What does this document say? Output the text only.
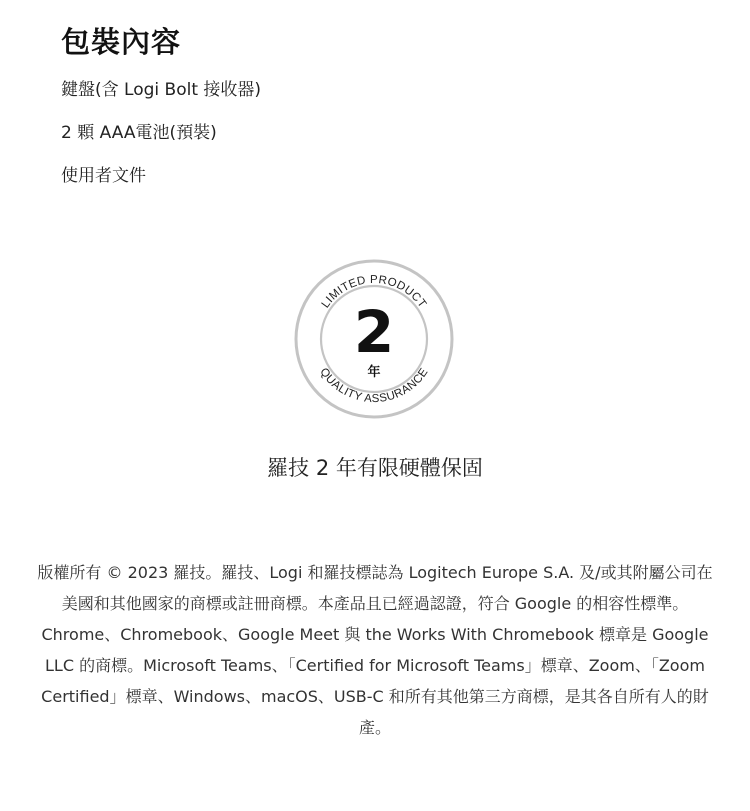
包裝內容
鍵盤(含 Logi Bolt 接收器)
2 顆 AAA電池(預裝)
使用者文件
LIMITED PRODUCT
QUALITY ASSURANCE
2
年
羅技 2 年有限硬體保固

版權所有 © 2023 羅技。羅技、Logi 和羅技標誌為 Logitech Europe S.A. 及/或其附屬公司在美國和其他國家的商標或註冊商標。本產品且已經過認證，符合 Google 的相容性標準。Chrome、Chromebook、Google Meet 與 the Works With Chromebook 標章是 Google LLC 的商標。Microsoft Teams、「Certified for Microsoft Teams」標章、Zoom、「Zoom Certified」標章、Windows、macOS、USB-C 和所有其他第三方商標，是其各自所有人的財產。
